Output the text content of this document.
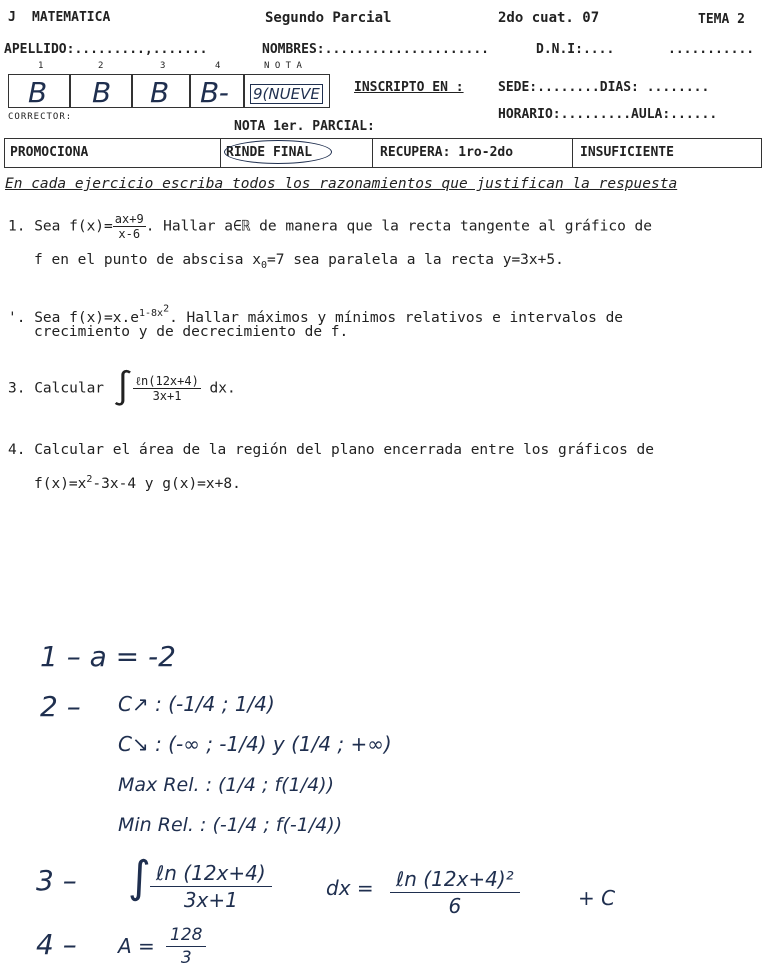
J MATEMATICA	Segundo Parcial	2do cuat. 07	TEMA 2
APELLIDO:.........,.......	NOMBRES:.....................	D.N.I:....	...........
1	2	3	4	N O T A
B B B B- 9(NUEVE	INSCRIPTO EN :	SEDE:........DIAS: ........
HORARIO:.........AULA:......
CORRECTOR:
NOTA 1er. PARCIAL:
PROMOCIONA	RINDE FINAL	RECUPERA: 1ro-2do	INSUFICIENTE
En cada ejercicio escriba todos los razonamientos que justifican la respuesta
1. Sea $f(x)= \frac{ax+9}{x-6}$ . Hallar a∈ℝ de manera que la recta tangente al gráfico de
f en el punto de abscisa $x_0=7$ sea paralela a la recta y=3x+5.
'. Sea $f(x)=x.e^{1-8x^2}$. Hallar máximos y mínimos relativos e intervalos de
crecimiento y de decrecimiento de f.
3. Calcular ∫ $\frac{\text{ℓn(12x+4)}}{3x+1}$ dx.
4. Calcular el área de la región del plano encerrada entre los gráficos de
$f(x)=x^2-3x-4$ y g(x)=x+8.
1 – a = -2
2 – C↗ : (-1/4 ; 1/4)
C↘ : (-∞ ; -1/4) y (1/4 ; +∞)
Max Rel. : (1/4 ; f(1/4))
Min Rel. : (-1/4 ; f(-1/4))
3 – ∫ ℓn (12x+4)
3x+1	dx =	ℓn (12x+4)²
6	+ C
4 – A = 128
3
